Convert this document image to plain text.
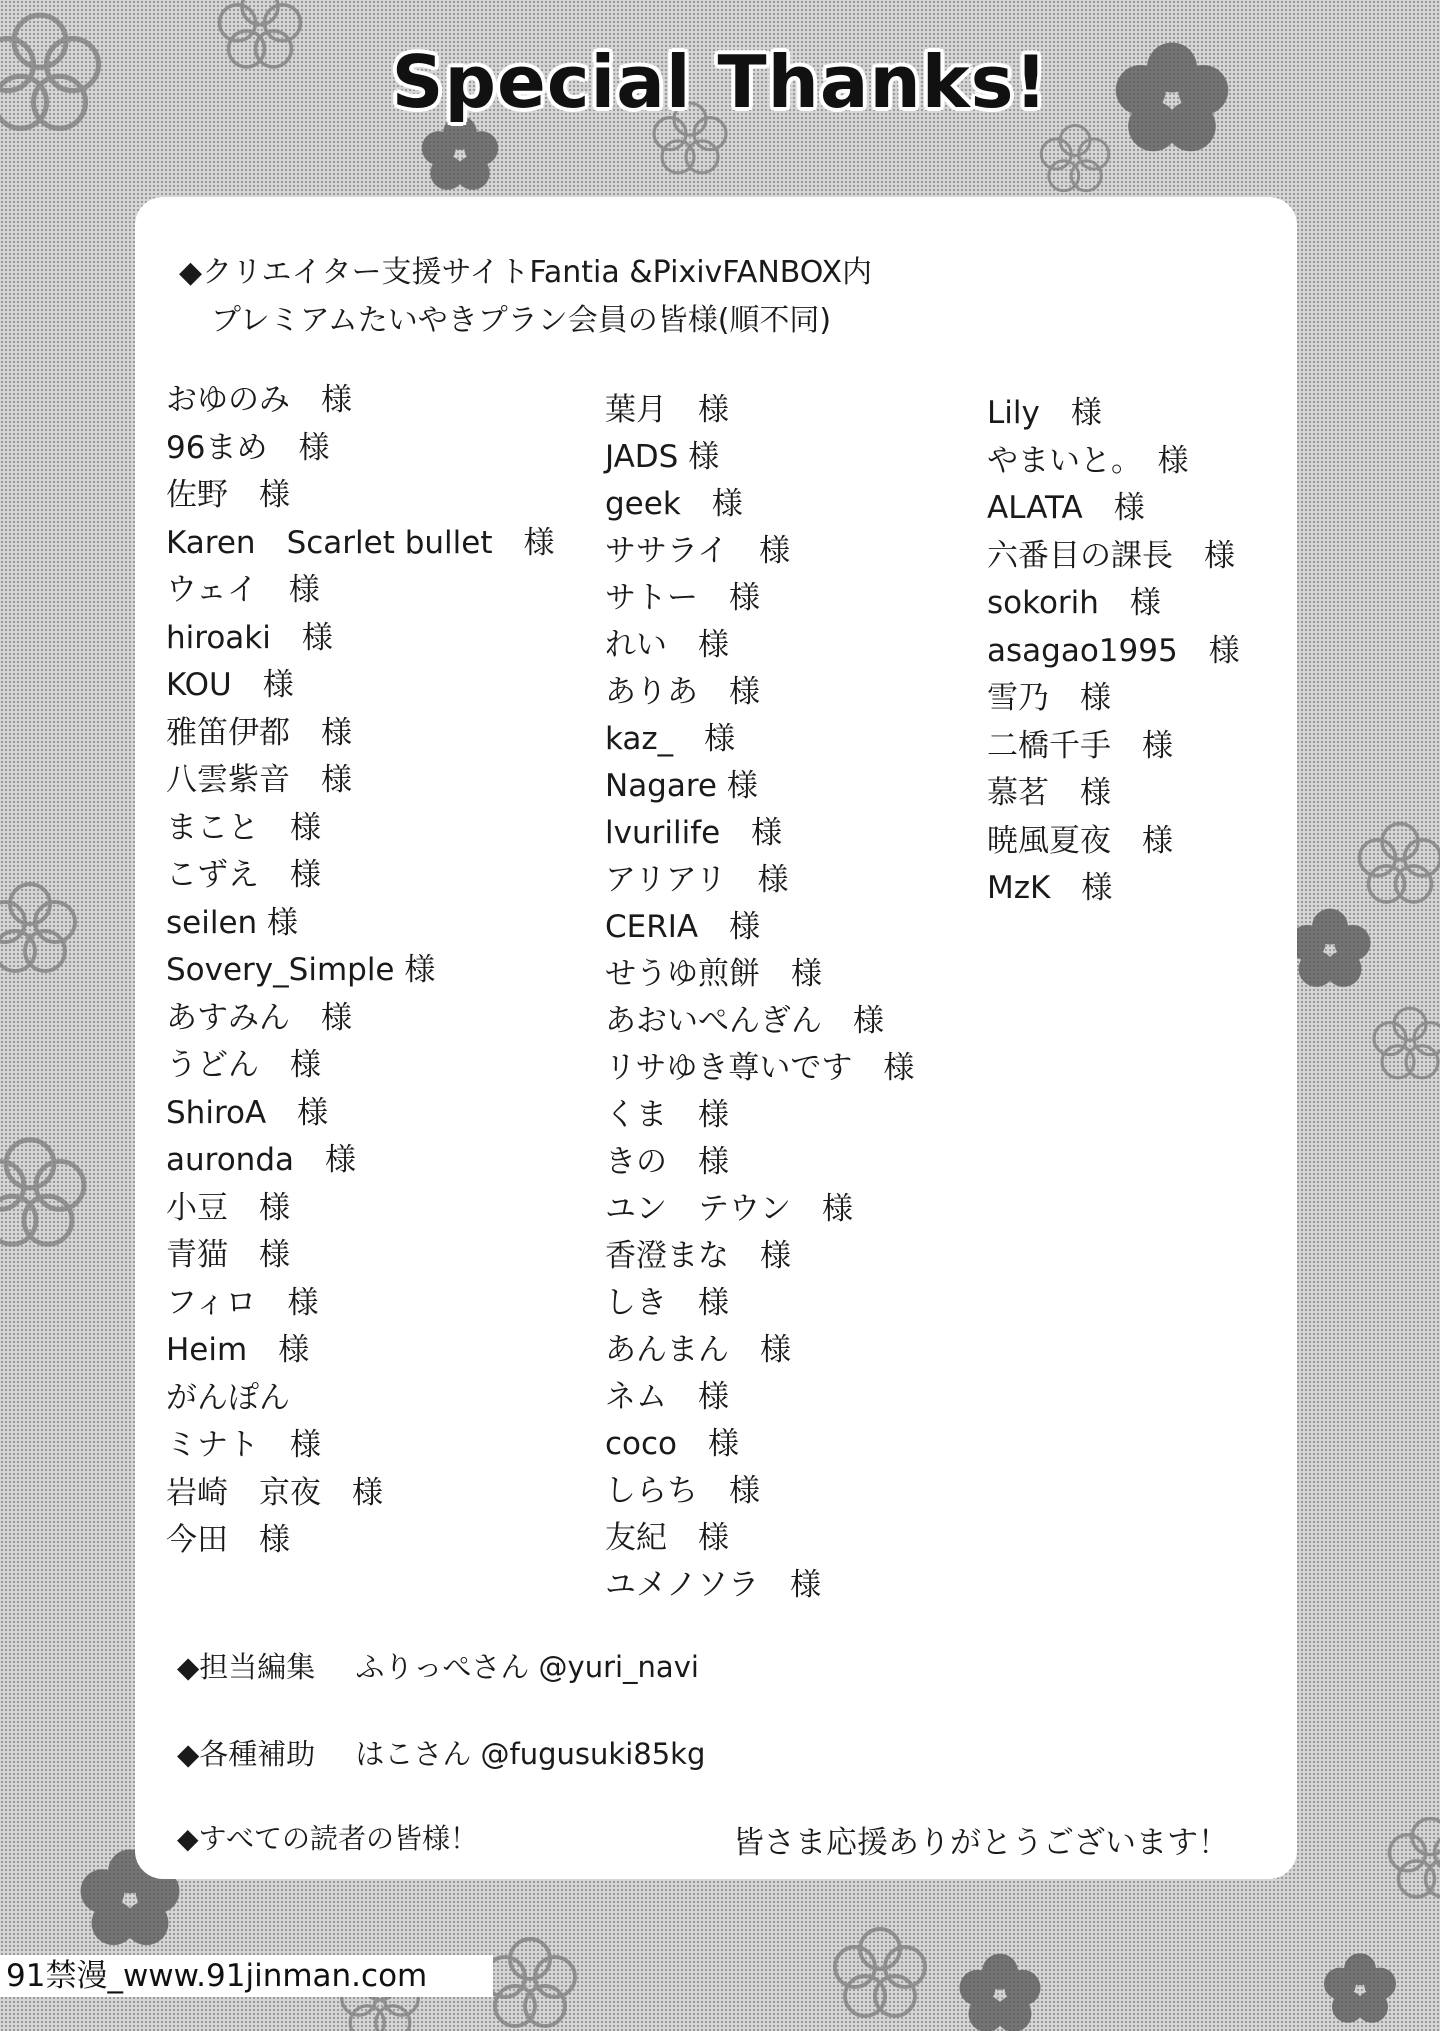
Special Thanks!
◆クリエイター支援サイトFantia &PixivFANBOX内
プレミアムたいやきプラン会員の皆様(順不同)
おゆのみ　様
96まめ　様
佐野　様
Karen　Scarlet bullet　様
ウェイ　様
hiroaki　様
KOU　様
雅笛伊都　様
八雲紫音　様
まこと　様
こずえ　様
seilen 様
Sovery_Simple 様
あすみん　様
うどん　様
ShiroA　様
auronda　様
小豆　様
青猫　様
フィロ　様
Heim　様
がんぽん
ミナト　様
岩崎　京夜　様
今田　様
葉月　様
JADS 様
geek　様
ササライ　様
サトー　様
れい　様
ありあ　様
kaz_　様
Nagare 様
lvurilife　様
アリアリ　様
CERIA　様
せうゆ煎餅　様
あおいぺんぎん　様
リサゆき尊いです　様
くま　様
きの　様
ユン　テウン　様
香澄まな　様
しき　様
あんまん　様
ネム　様
coco　様
しらち　様
友紀　様
ユメノソラ　様
Lily　様
やまいと。　様
ALATA　様
六番目の課長　様
sokorih　様
asagao1995　様
雪乃　様
二橋千手　様
慕茗　様
暁風夏夜　様
MzK　様
◆担当編集 ふりっぺさん @yuri_navi
◆各種補助 はこさん @fugusuki85kg
◆すべての読者の皆様！	皆さま応援ありがとうございます！
91禁漫_www.91jinman.com
